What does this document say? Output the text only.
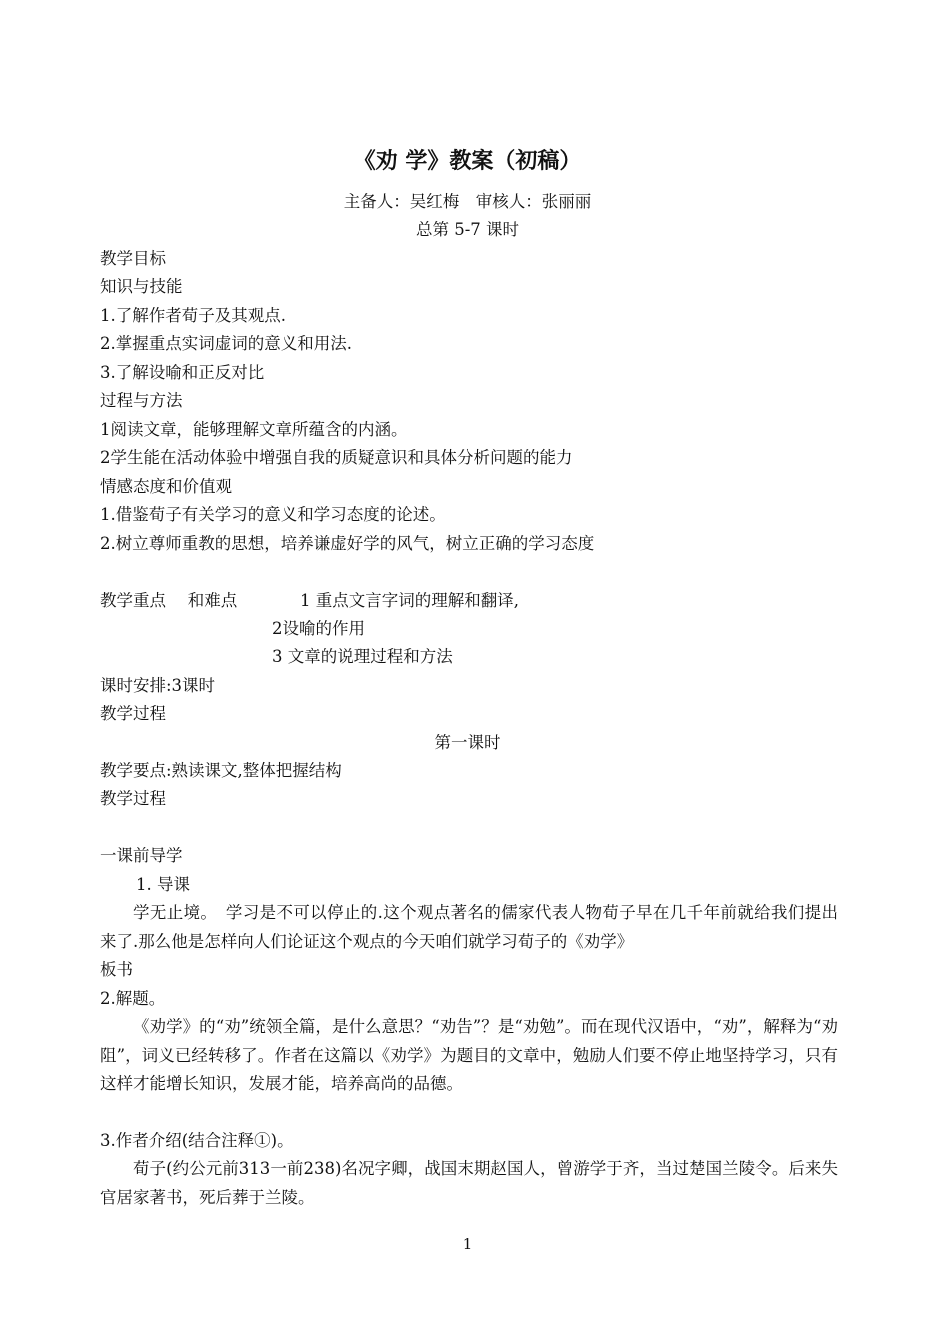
《劝 学》教案（初稿）
主备人：吴红梅　审核人：张丽丽
总第 5-7 课时
教学目标
知识与技能
1.了解作者荀子及其观点.
2.掌握重点实词虚词的意义和用法.
3.了解设喻和正反对比
过程与方法
1阅读文章，能够理解文章所蕴含的内涵。
2学生能在活动体验中增强自我的质疑意识和具体分析问题的能力
情感态度和价值观
1.借鉴荀子有关学习的意义和学习态度的论述。
2.树立尊师重教的思想，培养谦虚好学的风气，树立正确的学习态度
教学重点　 和难点	1 重点文言字词的理解和翻译,
2设喻的作用
3 文章的说理过程和方法
课时安排:3课时
教学过程
第一课时
教学要点:熟读课文,整体把握结构
教学过程
一课前导学
1. 导课
学无止境。　学习是不可以停止的.这个观点著名的儒家代表人物荀子早在几千年前就给我们提出来了.那么他是怎样向人们论证这个观点的今天咱们就学习荀子的《劝学》
板书
2.解题。
《劝学》的“劝”统领全篇，是什么意思？“劝告”？是“劝勉”。而在现代汉语中，“劝”，解释为“劝阻”，词义已经转移了。作者在这篇以《劝学》为题目的文章中，勉励人们要不停止地坚持学习，只有这样才能增长知识，发展才能，培养高尚的品德。
3.作者介绍(结合注释①)。
荀子(约公元前313一前238)名况字卿，战国末期赵国人，曾游学于齐，当过楚国兰陵令。后来失官居家著书，死后葬于兰陵。
1
